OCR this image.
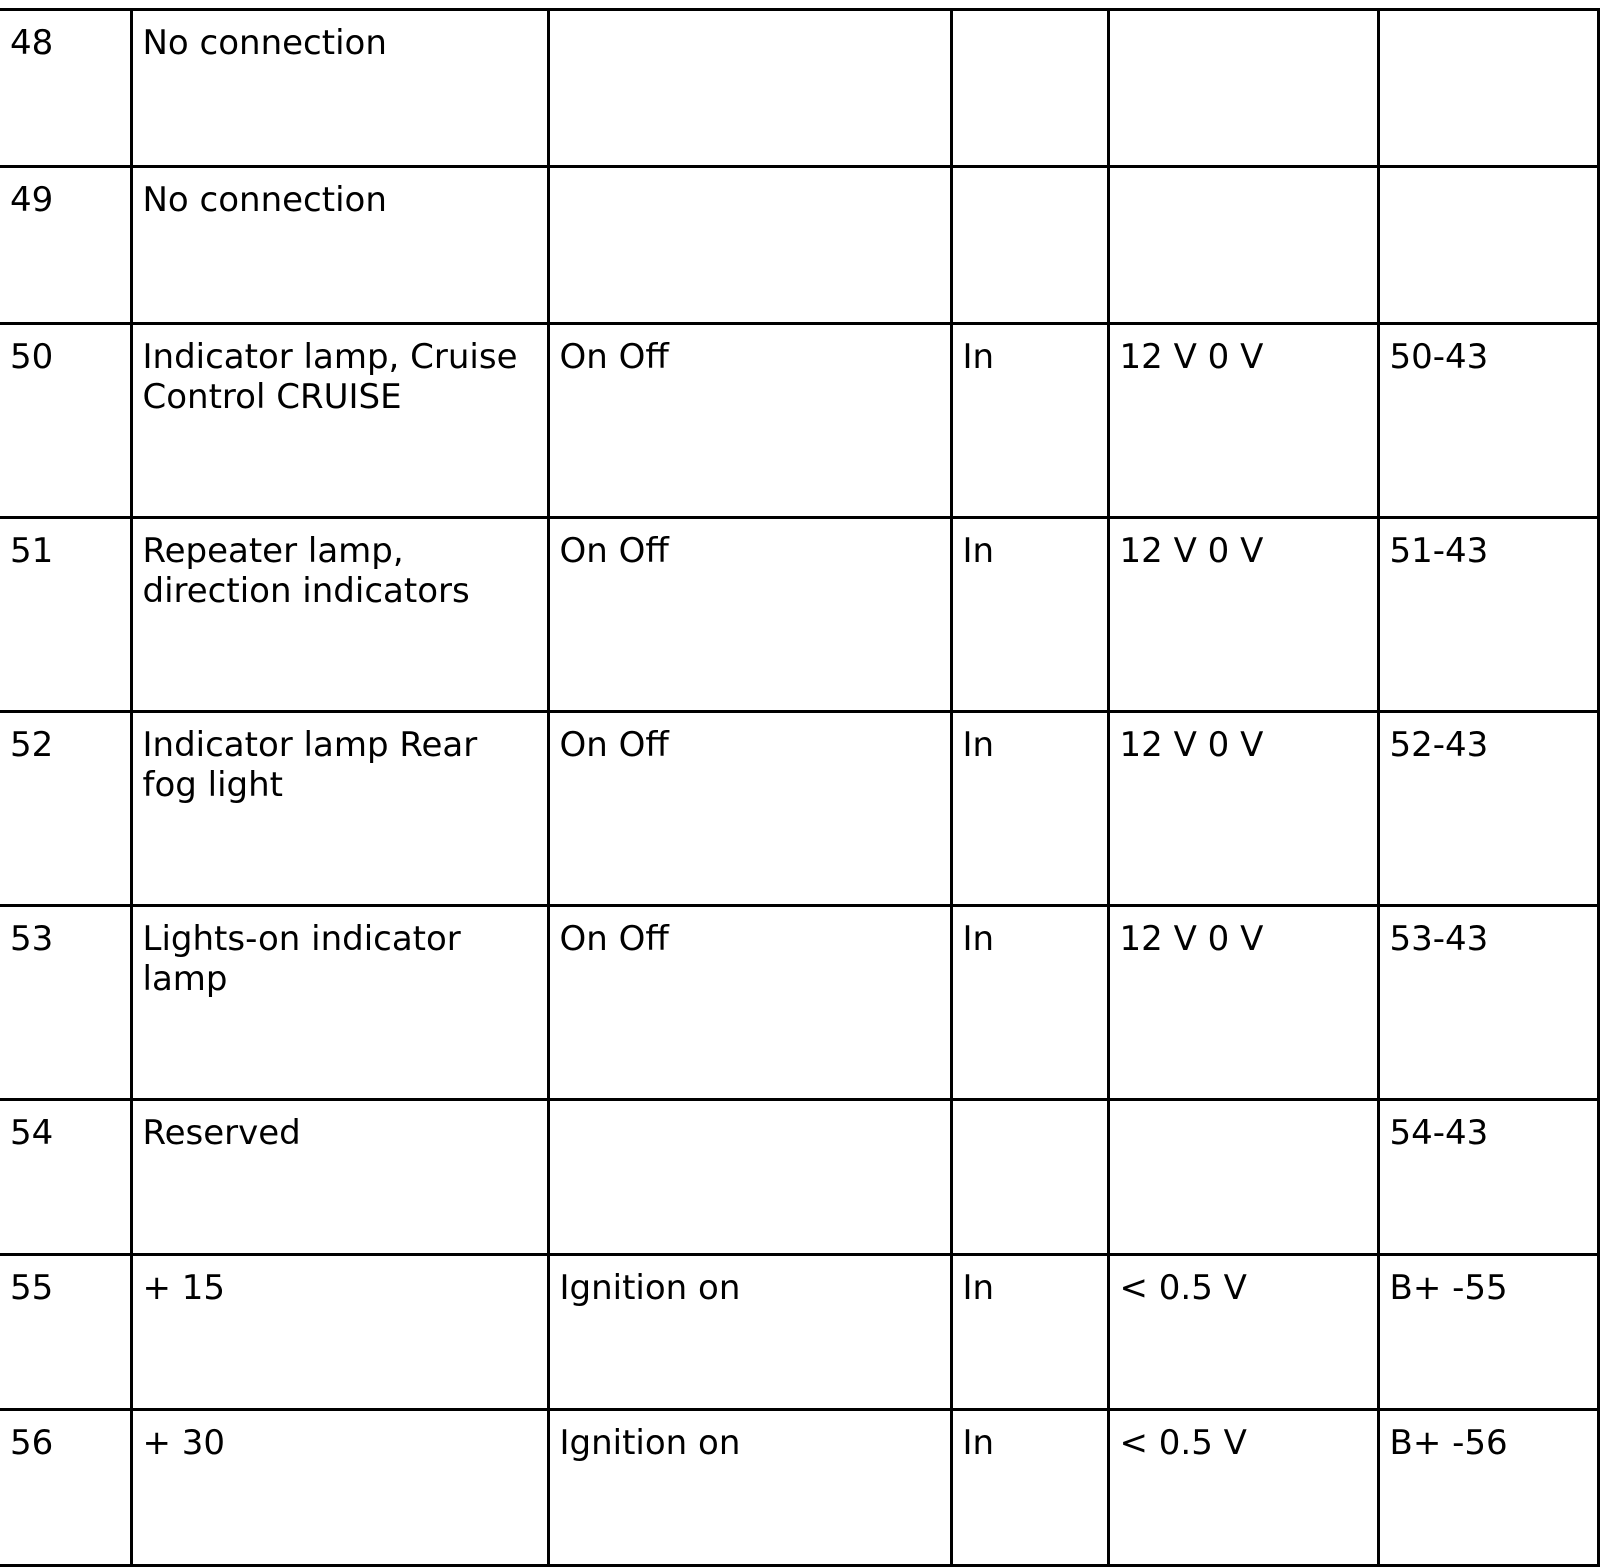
48	No connection				
49	No connection				
50	Indicator lamp, Cruise Control CRUISE	On Off	In	12 V 0 V	50-43
51	Repeater lamp, direction indicators	On Off	In	12 V 0 V	51-43
52	Indicator lamp Rear fog light	On Off	In	12 V 0 V	52-43
53	Lights-on indicator lamp	On Off	In	12 V 0 V	53-43
54	Reserved				54-43
55	+ 15	Ignition on	In	< 0.5 V	B+ -55
56	+ 30	Ignition on	In	< 0.5 V	B+ -56
